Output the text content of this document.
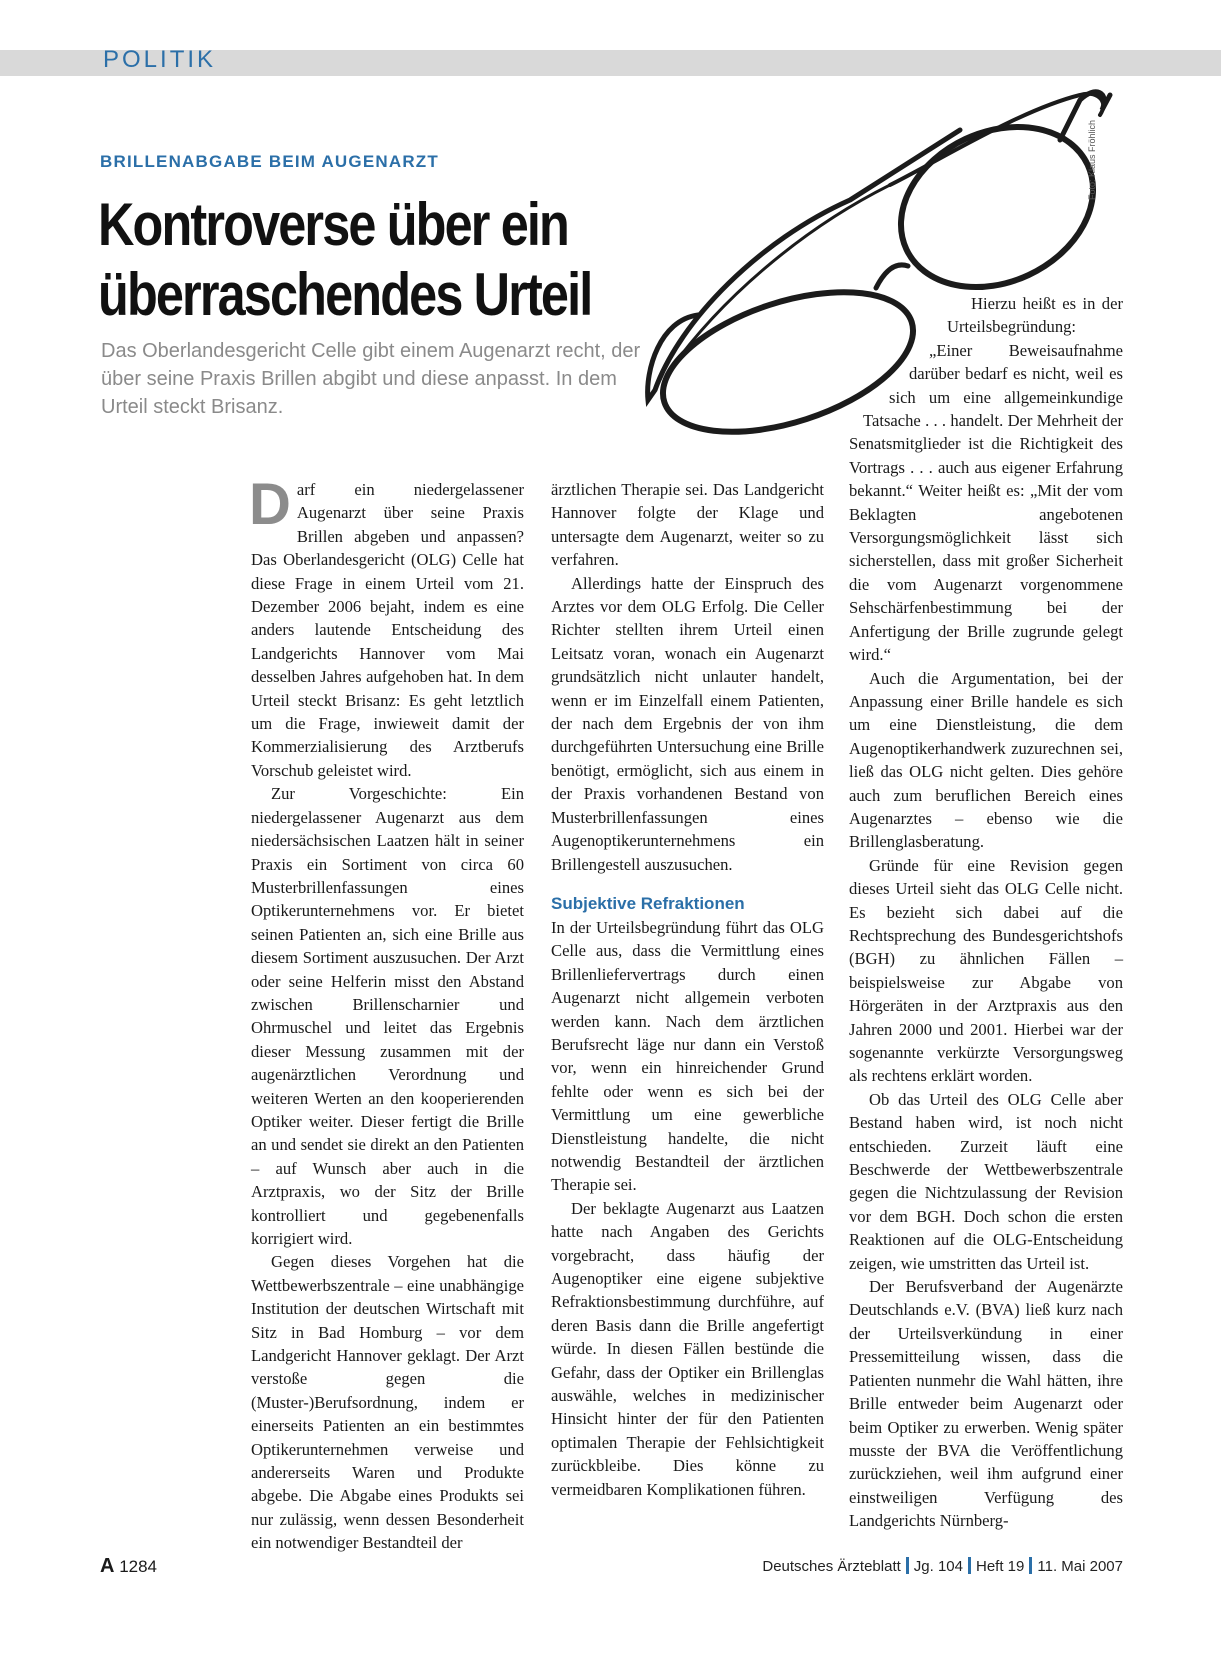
POLITIK
BRILLENABGABE BEIM AUGENARZT
Kontroverse über ein
überraschendes Urteil
Das Oberlandesgericht Celle gibt einem Augenarzt recht, der über seine Praxis Brillen abgibt und diese anpasst. In dem Urteil steckt Brisanz.
Foto: Klaus Fröhlich

Darf ein niedergelassener Augenarzt über seine Praxis Brillen abgeben und anpassen? Das Oberlandesgericht (OLG) Celle hat diese Frage in einem Urteil vom 21. Dezember 2006 bejaht, indem es eine anders lautende Entscheidung des Landgerichts Hannover vom Mai desselben Jahres aufgehoben hat. In dem Urteil steckt Brisanz: Es geht letztlich um die Frage, inwieweit damit der Kommerzialisierung des Arztberufs Vorschub geleistet wird.

Zur Vorgeschichte: Ein niedergelassener Augenarzt aus dem niedersächsischen Laatzen hält in seiner Praxis ein Sortiment von circa 60 Musterbrillenfassungen eines Optikerunternehmens vor. Er bietet seinen Patienten an, sich eine Brille aus diesem Sortiment auszusuchen. Der Arzt oder seine Helferin misst den Abstand zwischen Brillenscharnier und Ohrmuschel und leitet das Ergebnis dieser Messung zusammen mit der augenärztlichen Verordnung und weiteren Werten an den kooperierenden Optiker weiter. Dieser fertigt die Brille an und sendet sie direkt an den Patienten – auf Wunsch aber auch in die Arztpraxis, wo der Sitz der Brille kontrolliert und gegebenenfalls korrigiert wird.

Gegen dieses Vorgehen hat die Wettbewerbszentrale – eine unabhängige Institution der deutschen Wirtschaft mit Sitz in Bad Homburg – vor dem Landgericht Hannover geklagt. Der Arzt verstoße gegen die (Muster-)Berufsordnung, indem er einerseits Patienten an ein bestimmtes Optikerunternehmen verweise und andererseits Waren und Produkte abgebe. Die Abgabe eines Produkts sei nur zulässig, wenn dessen Besonderheit ein notwendiger Bestandteil der

ärztlichen Therapie sei. Das Landgericht Hannover folgte der Klage und untersagte dem Augenarzt, weiter so zu verfahren.

Allerdings hatte der Einspruch des Arztes vor dem OLG Erfolg. Die Celler Richter stellten ihrem Urteil einen Leitsatz voran, wonach ein Augenarzt grundsätzlich nicht unlauter handelt, wenn er im Einzelfall einem Patienten, der nach dem Ergebnis der von ihm durchgeführten Untersuchung eine Brille benötigt, ermöglicht, sich aus einem in der Praxis vorhandenen Bestand von Musterbrillenfassungen eines Augenoptikerunternehmens ein Brillengestell auszusuchen.

Subjektive Refraktionen

In der Urteilsbegründung führt das OLG Celle aus, dass die Vermittlung eines Brillenliefervertrags durch einen Augenarzt nicht allgemein verboten werden kann. Nach dem ärztlichen Berufsrecht läge nur dann ein Verstoß vor, wenn ein hinreichender Grund fehlte oder wenn es sich bei der Vermittlung um eine gewerbliche Dienstleistung handelte, die nicht notwendig Bestandteil der ärztlichen Therapie sei.

Der beklagte Augenarzt aus Laatzen hatte nach Angaben des Gerichts vorgebracht, dass häufig der Augenoptiker eine eigene subjektive Refraktionsbestimmung durchführe, auf deren Basis dann die Brille angefertigt würde. In diesen Fällen bestünde die Gefahr, dass der Optiker ein Brillenglas auswähle, welches in medizinischer Hinsicht hinter der für den Patienten optimalen Therapie der Fehlsichtigkeit zurückbleibe. Dies könne zu vermeidbaren Komplikationen führen.

Hierzu heißt es in der Urteilsbegründung: „Einer Beweisaufnahme darüber bedarf es nicht, weil es sich um eine allgemeinkundige Tatsache . . . handelt. Der Mehrheit der Senatsmitglieder ist die Richtigkeit des Vortrags . . . auch aus eigener Erfahrung bekannt.“ Weiter heißt es: „Mit der vom Beklagten angebotenen Versorgungsmöglichkeit lässt sich sicherstellen, dass mit großer Sicherheit die vom Augenarzt vorgenommene Sehschärfenbestimmung bei der Anfertigung der Brille zugrunde gelegt wird.“

Auch die Argumentation, bei der Anpassung einer Brille handele es sich um eine Dienstleistung, die dem Augenoptikerhandwerk zuzurechnen sei, ließ das OLG nicht gelten. Dies gehöre auch zum beruflichen Bereich eines Augenarztes – ebenso wie die Brillenglasberatung.

Gründe für eine Revision gegen dieses Urteil sieht das OLG Celle nicht. Es bezieht sich dabei auf die Rechtsprechung des Bundesgerichtshofs (BGH) zu ähnlichen Fällen – beispielsweise zur Abgabe von Hörgeräten in der Arztpraxis aus den Jahren 2000 und 2001. Hierbei war der sogenannte verkürzte Versorgungsweg als rechtens erklärt worden.

Ob das Urteil des OLG Celle aber Bestand haben wird, ist noch nicht entschieden. Zurzeit läuft eine Beschwerde der Wettbewerbszentrale gegen die Nichtzulassung der Revision vor dem BGH. Doch schon die ersten Reaktionen auf die OLG-Entscheidung zeigen, wie umstritten das Urteil ist.

Der Berufsverband der Augenärzte Deutschlands e.V. (BVA) ließ kurz nach der Urteilsverkündung in einer Pressemitteilung wissen, dass die Patienten nunmehr die Wahl hätten, ihre Brille entweder beim Augenarzt oder beim Optiker zu erwerben. Wenig später musste der BVA die Veröffentlichung zurückziehen, weil ihm aufgrund einer einstweiligen Verfügung des Landgerichts Nürnberg-

A 1284	Deutsches Ärzteblatt Jg. 104 Heft 19 11. Mai 2007
